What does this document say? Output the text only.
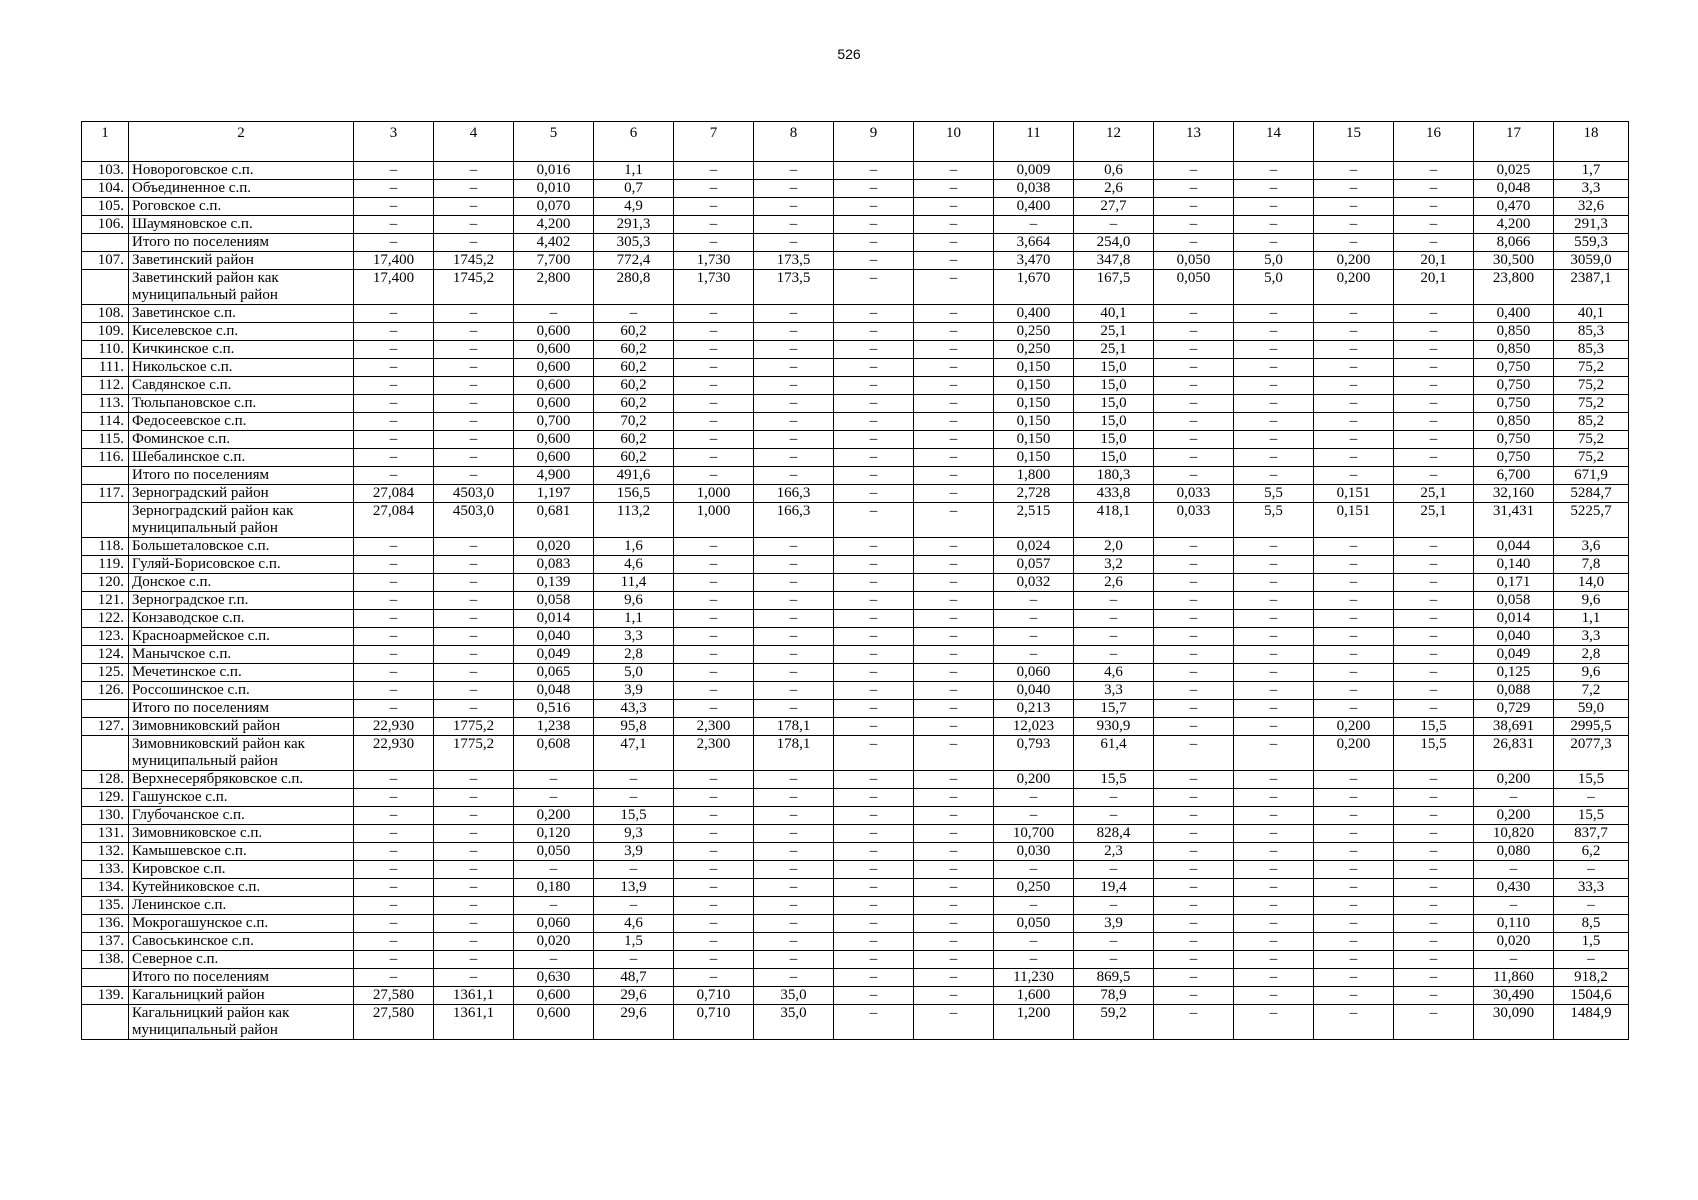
526
1	2	3	4	5	6	7	8	9	10	11	12	13	14	15	16	17	18
103.	Новороговское с.п.	–	–	0,016	1,1	–	–	–	–	0,009	0,6	–	–	–	–	0,025	1,7
104.	Объединенное с.п.	–	–	0,010	0,7	–	–	–	–	0,038	2,6	–	–	–	–	0,048	3,3
105.	Роговское с.п.	–	–	0,070	4,9	–	–	–	–	0,400	27,7	–	–	–	–	0,470	32,6
106.	Шаумяновское с.п.	–	–	4,200	291,3	–	–	–	–	–	–	–	–	–	–	4,200	291,3
	Итого по поселениям	–	–	4,402	305,3	–	–	–	–	3,664	254,0	–	–	–	–	8,066	559,3
107.	Заветинский район	17,400	1745,2	7,700	772,4	1,730	173,5	–	–	3,470	347,8	0,050	5,0	0,200	20,1	30,500	3059,0
	Заветинский район как муниципальный район	17,400	1745,2	2,800	280,8	1,730	173,5	–	–	1,670	167,5	0,050	5,0	0,200	20,1	23,800	2387,1
108.	Заветинское с.п.	–	–	–	–	–	–	–	–	0,400	40,1	–	–	–	–	0,400	40,1
109.	Киселевское с.п.	–	–	0,600	60,2	–	–	–	–	0,250	25,1	–	–	–	–	0,850	85,3
110.	Кичкинское с.п.	–	–	0,600	60,2	–	–	–	–	0,250	25,1	–	–	–	–	0,850	85,3
111.	Никольское с.п.	–	–	0,600	60,2	–	–	–	–	0,150	15,0	–	–	–	–	0,750	75,2
112.	Савдянское с.п.	–	–	0,600	60,2	–	–	–	–	0,150	15,0	–	–	–	–	0,750	75,2
113.	Тюльпановское с.п.	–	–	0,600	60,2	–	–	–	–	0,150	15,0	–	–	–	–	0,750	75,2
114.	Федосеевское с.п.	–	–	0,700	70,2	–	–	–	–	0,150	15,0	–	–	–	–	0,850	85,2
115.	Фоминское с.п.	–	–	0,600	60,2	–	–	–	–	0,150	15,0	–	–	–	–	0,750	75,2
116.	Шебалинское с.п.	–	–	0,600	60,2	–	–	–	–	0,150	15,0	–	–	–	–	0,750	75,2
	Итого по поселениям	–	–	4,900	491,6	–	–	–	–	1,800	180,3	–	–	–	–	6,700	671,9
117.	Зерноградский район	27,084	4503,0	1,197	156,5	1,000	166,3	–	–	2,728	433,8	0,033	5,5	0,151	25,1	32,160	5284,7
	Зерноградский район как муниципальный район	27,084	4503,0	0,681	113,2	1,000	166,3	–	–	2,515	418,1	0,033	5,5	0,151	25,1	31,431	5225,7
118.	Большеталовское с.п.	–	–	0,020	1,6	–	–	–	–	0,024	2,0	–	–	–	–	0,044	3,6
119.	Гуляй-Борисовское с.п.	–	–	0,083	4,6	–	–	–	–	0,057	3,2	–	–	–	–	0,140	7,8
120.	Донское с.п.	–	–	0,139	11,4	–	–	–	–	0,032	2,6	–	–	–	–	0,171	14,0
121.	Зерноградское г.п.	–	–	0,058	9,6	–	–	–	–	–	–	–	–	–	–	0,058	9,6
122.	Конзаводское с.п.	–	–	0,014	1,1	–	–	–	–	–	–	–	–	–	–	0,014	1,1
123.	Красноармейское с.п.	–	–	0,040	3,3	–	–	–	–	–	–	–	–	–	–	0,040	3,3
124.	Манычское с.п.	–	–	0,049	2,8	–	–	–	–	–	–	–	–	–	–	0,049	2,8
125.	Мечетинское с.п.	–	–	0,065	5,0	–	–	–	–	0,060	4,6	–	–	–	–	0,125	9,6
126.	Россошинское с.п.	–	–	0,048	3,9	–	–	–	–	0,040	3,3	–	–	–	–	0,088	7,2
	Итого по поселениям	–	–	0,516	43,3	–	–	–	–	0,213	15,7	–	–	–	–	0,729	59,0
127.	Зимовниковский район	22,930	1775,2	1,238	95,8	2,300	178,1	–	–	12,023	930,9	–	–	0,200	15,5	38,691	2995,5
	Зимовниковский район как муниципальный район	22,930	1775,2	0,608	47,1	2,300	178,1	–	–	0,793	61,4	–	–	0,200	15,5	26,831	2077,3
128.	Верхнесерябряковское с.п.	–	–	–	–	–	–	–	–	0,200	15,5	–	–	–	–	0,200	15,5
129.	Гашунское с.п.	–	–	–	–	–	–	–	–	–	–	–	–	–	–	–	–
130.	Глубочанское с.п.	–	–	0,200	15,5	–	–	–	–	–	–	–	–	–	–	0,200	15,5
131.	Зимовниковское с.п.	–	–	0,120	9,3	–	–	–	–	10,700	828,4	–	–	–	–	10,820	837,7
132.	Камышевское с.п.	–	–	0,050	3,9	–	–	–	–	0,030	2,3	–	–	–	–	0,080	6,2
133.	Кировское с.п.	–	–	–	–	–	–	–	–	–	–	–	–	–	–	–	–
134.	Кутейниковское с.п.	–	–	0,180	13,9	–	–	–	–	0,250	19,4	–	–	–	–	0,430	33,3
135.	Ленинское с.п.	–	–	–	–	–	–	–	–	–	–	–	–	–	–	–	–
136.	Мокрогашунское с.п.	–	–	0,060	4,6	–	–	–	–	0,050	3,9	–	–	–	–	0,110	8,5
137.	Савоськинское с.п.	–	–	0,020	1,5	–	–	–	–	–	–	–	–	–	–	0,020	1,5
138.	Северное с.п.	–	–	–	–	–	–	–	–	–	–	–	–	–	–	–	–
	Итого по поселениям	–	–	0,630	48,7	–	–	–	–	11,230	869,5	–	–	–	–	11,860	918,2
139.	Кагальницкий район	27,580	1361,1	0,600	29,6	0,710	35,0	–	–	1,600	78,9	–	–	–	–	30,490	1504,6
	Кагальницкий район как муниципальный район	27,580	1361,1	0,600	29,6	0,710	35,0	–	–	1,200	59,2	–	–	–	–	30,090	1484,9
